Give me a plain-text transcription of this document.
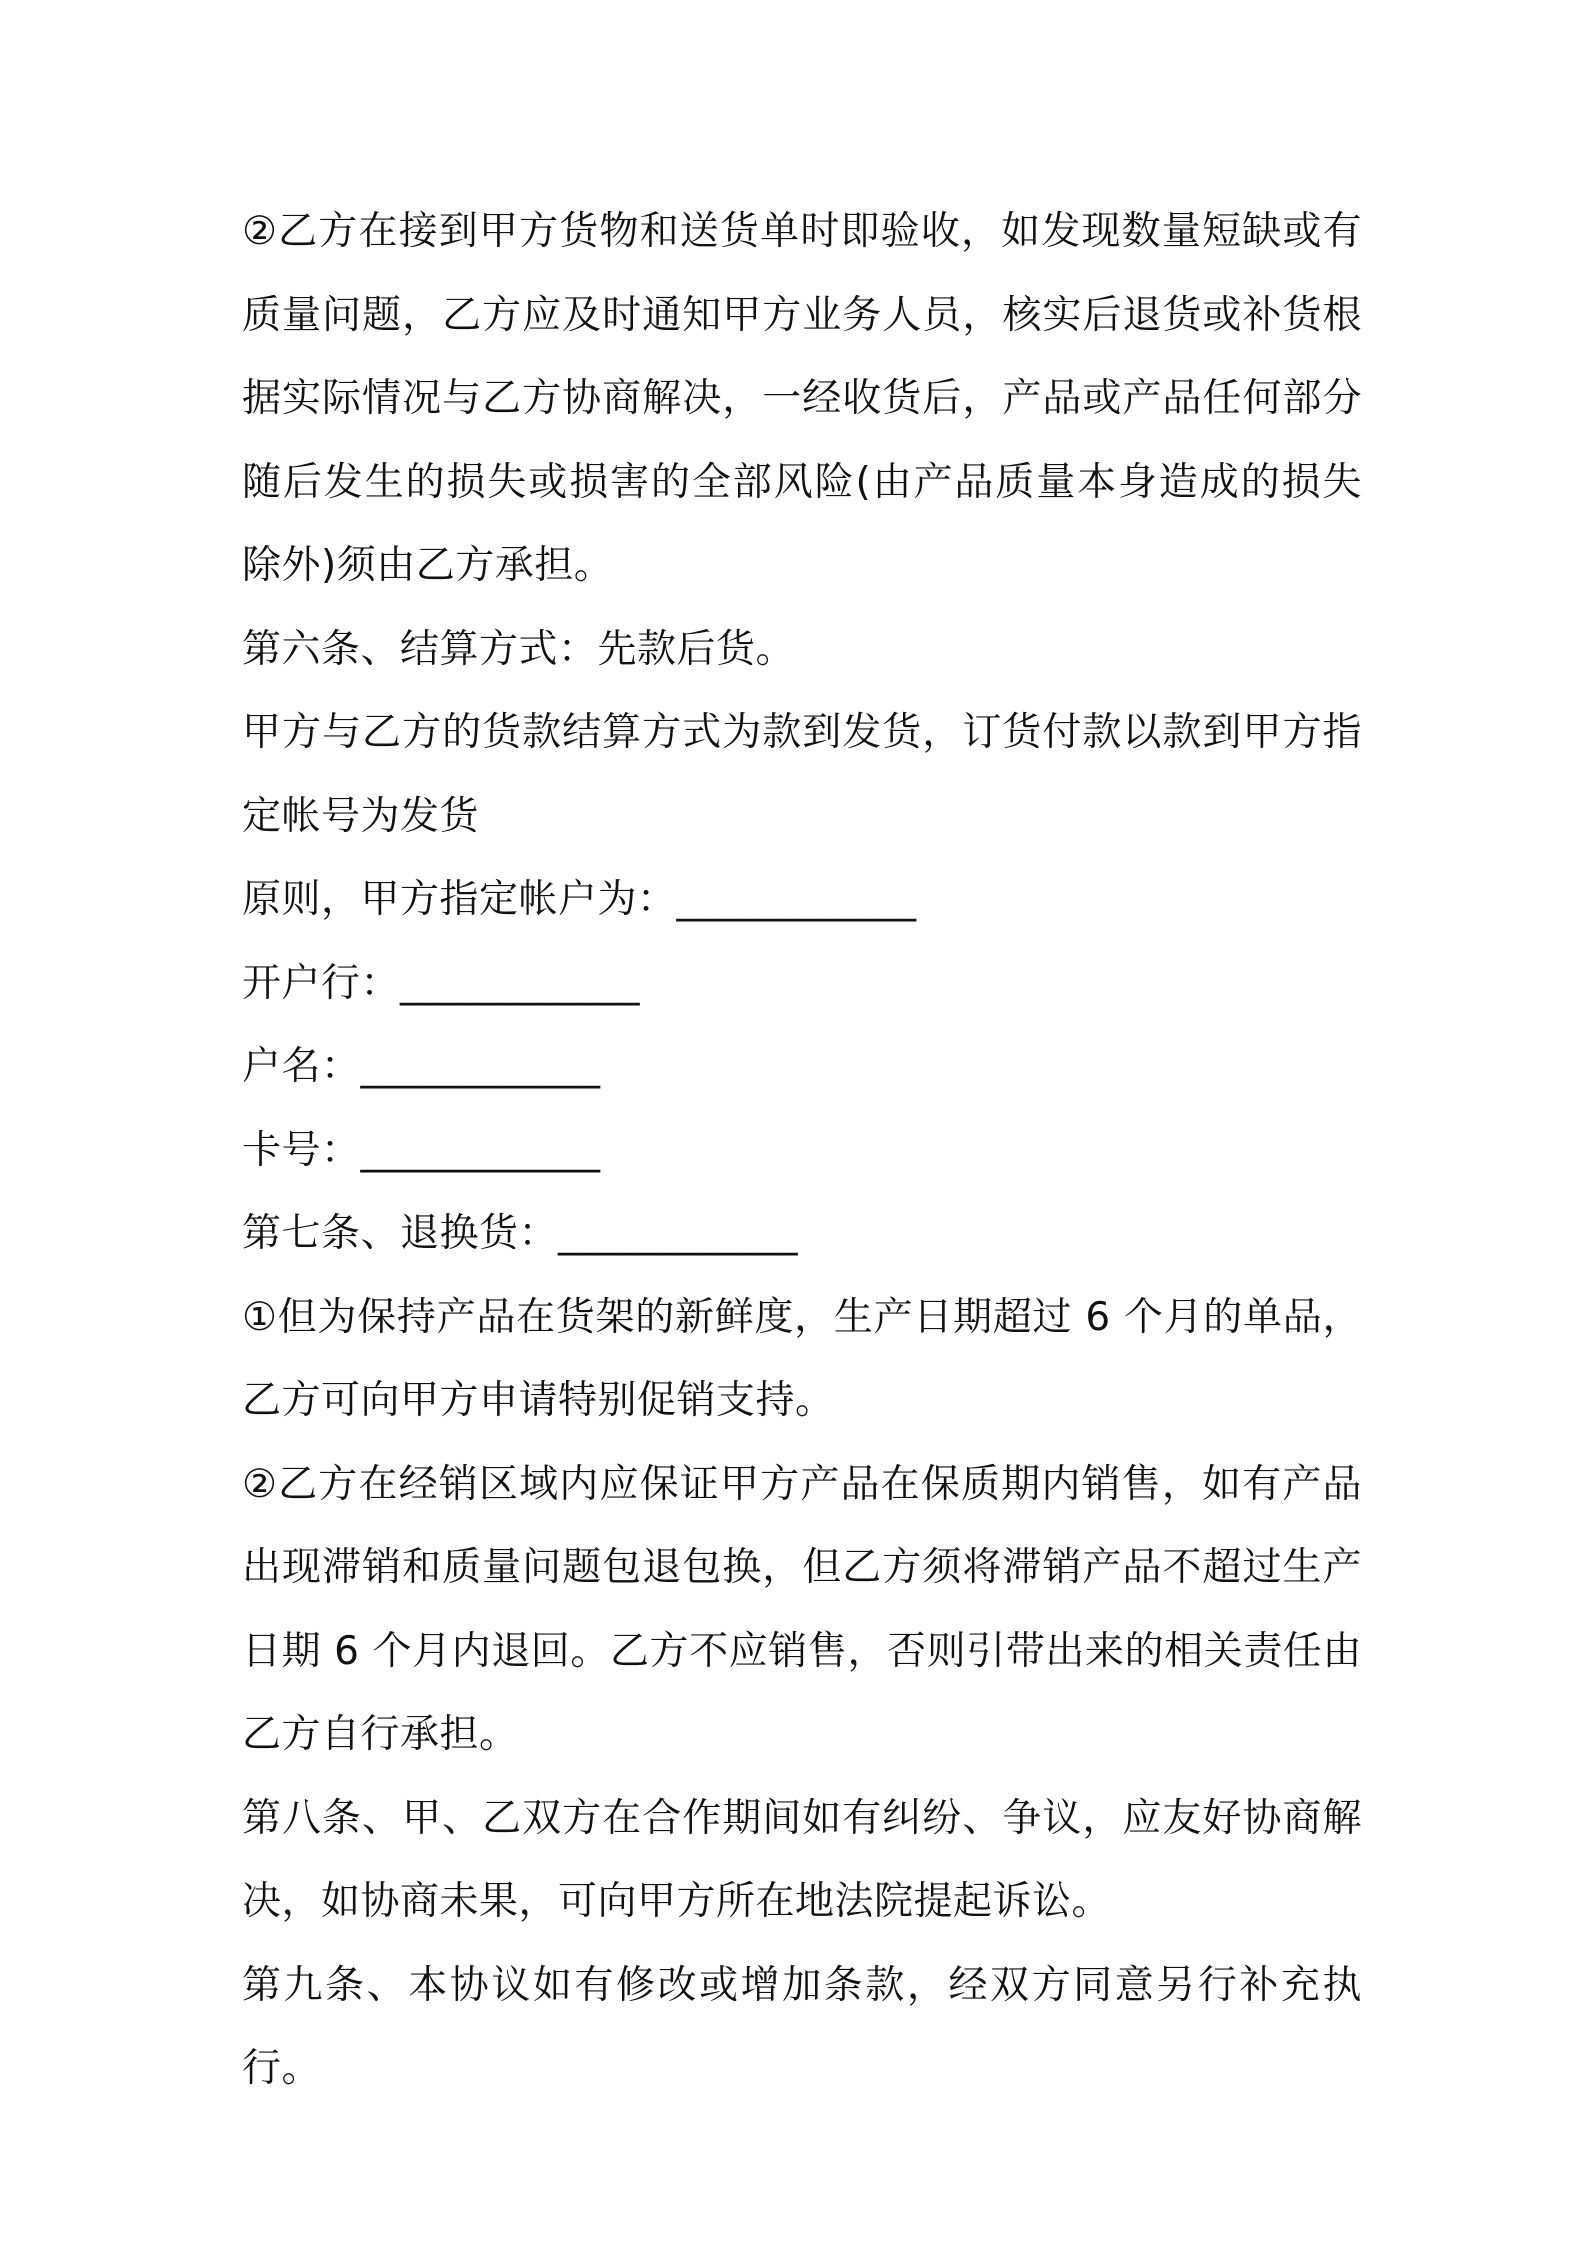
②乙方在接到甲方货物和送货单时即验收，如发现数量短缺或有质量问题，乙方应及时通知甲方业务人员，核实后退货或补货根据实际情况与乙方协商解决，一经收货后，产品或产品任何部分随后发生的损失或损害的全部风险(由产品质量本身造成的损失除外)须由乙方承担。

第六条、结算方式：先款后货。

甲方与乙方的货款结算方式为款到发货，订货付款以款到甲方指定帐号为发货

原则，甲方指定帐户为：____________

开户行：____________

户名：____________

卡号：____________

第七条、退换货：____________

①但为保持产品在货架的新鲜度，生产日期超过 6 个月的单品，乙方可向甲方申请特别促销支持。

②乙方在经销区域内应保证甲方产品在保质期内销售，如有产品出现滞销和质量问题包退包换，但乙方须将滞销产品不超过生产日期 6 个月内退回。乙方不应销售，否则引带出来的相关责任由乙方自行承担。

第八条、甲、乙双方在合作期间如有纠纷、争议，应友好协商解决，如协商未果，可向甲方所在地法院提起诉讼。

第九条、本协议如有修改或增加条款，经双方同意另行补充执行。
